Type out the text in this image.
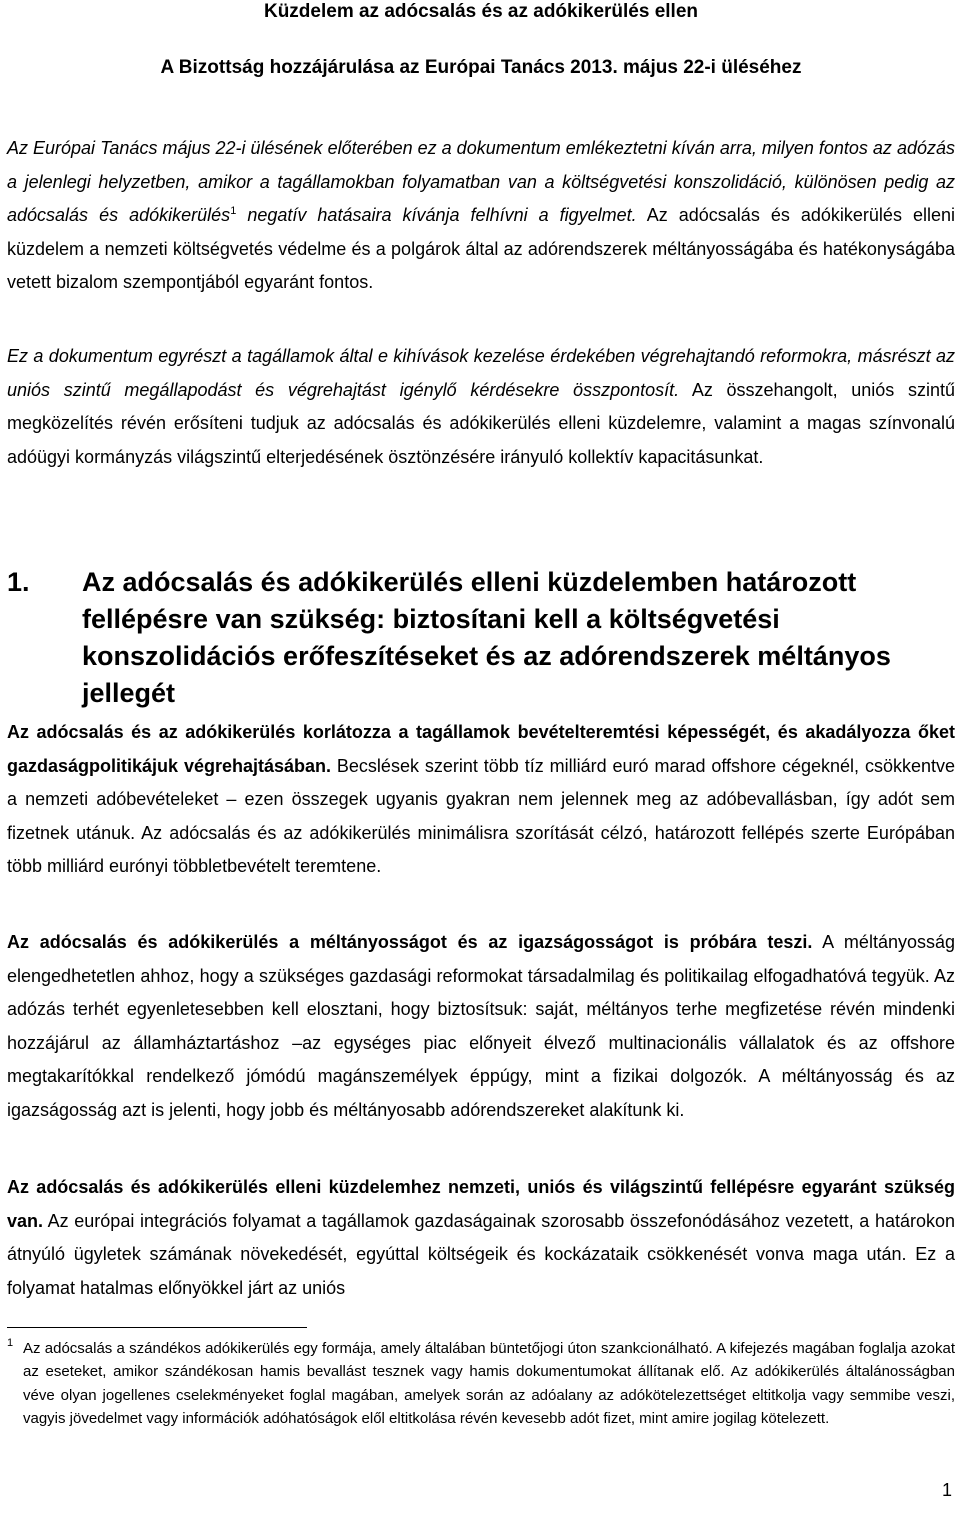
Küzdelem az adócsalás és az adókikerülés ellen

A Bizottság hozzájárulása az Európai Tanács 2013. május 22-i üléséhez

Az Európai Tanács május 22-i ülésének előterében ez a dokumentum emlékeztetni kíván arra, milyen fontos az adózás a jelenlegi helyzetben, amikor a tagállamokban folyamatban van a költségvetési konszolidáció, különösen pedig az adócsalás és adókikerülés$^1$ negatív hatásaira kívánja felhívni a figyelmet. Az adócsalás és adókikerülés elleni küzdelem a nemzeti költségvetés védelme és a polgárok által az adórendszerek méltányosságába és hatékonyságába vetett bizalom szempontjából egyaránt fontos.

Ez a dokumentum egyrészt a tagállamok által e kihívások kezelése érdekében végrehajtandó reformokra, másrészt az uniós szintű megállapodást és végrehajtást igénylő kérdésekre összpontosít. Az összehangolt, uniós szintű megközelítés révén erősíteni tudjuk az adócsalás és adókikerülés elleni küzdelemre, valamint a magas színvonalú adóügyi kormányzás világszintű elterjedésének ösztönzésére irányuló kollektív kapacitásunkat.

1.	Az adócsalás és adókikerülés elleni küzdelemben határozott fellépésre van szükség: biztosítani kell a költségvetési konszolidációs erőfeszítéseket és az adórendszerek méltányos jellegét

Az adócsalás és az adókikerülés korlátozza a tagállamok bevételteremtési képességét, és akadályozza őket gazdaságpolitikájuk végrehajtásában. Becslések szerint több tíz milliárd euró marad offshore cégeknél, csökkentve a nemzeti adóbevételeket – ezen összegek ugyanis gyakran nem jelennek meg az adóbevallásban, így adót sem fizetnek utánuk. Az adócsalás és az adókikerülés minimálisra szorítását célzó, határozott fellépés szerte Európában több milliárd eurónyi többletbevételt teremtene.

Az adócsalás és adókikerülés a méltányosságot és az igazságosságot is próbára teszi. A méltányosság elengedhetetlen ahhoz, hogy a szükséges gazdasági reformokat társadalmilag és politikailag elfogadhatóvá tegyük. Az adózás terhét egyenletesebben kell elosztani, hogy biztosítsuk: saját, méltányos terhe megfizetése révén mindenki hozzájárul az államháztartáshoz –az egységes piac előnyeit élvező multinacionális vállalatok és az offshore megtakarítókkal rendelkező jómódú magánszemélyek éppúgy, mint a fizikai dolgozók. A méltányosság és az igazságosság azt is jelenti, hogy jobb és méltányosabb adórendszereket alakítunk ki.

Az adócsalás és adókikerülés elleni küzdelemhez nemzeti, uniós és világszintű fellépésre egyaránt szükség van. Az európai integrációs folyamat a tagállamok gazdaságainak szorosabb összefonódásához vezetett, a határokon átnyúló ügyletek számának növekedését, egyúttal költségeik és kockázataik csökkenését vonva maga után. Ez a folyamat hatalmas előnyökkel járt az uniós

1 Az adócsalás a szándékos adókikerülés egy formája, amely általában büntetőjogi úton szankcionálható. A kifejezés magában foglalja azokat az eseteket, amikor szándékosan hamis bevallást tesznek vagy hamis dokumentumokat állítanak elő. Az adókikerülés általánosságban véve olyan jogellenes cselekményeket foglal magában, amelyek során az adóalany az adókötelezettséget eltitkolja vagy semmibe veszi, vagyis jövedelmet vagy információk adóhatóságok elől eltitkolása révén kevesebb adót fizet, mint amire jogilag kötelezett.

1
